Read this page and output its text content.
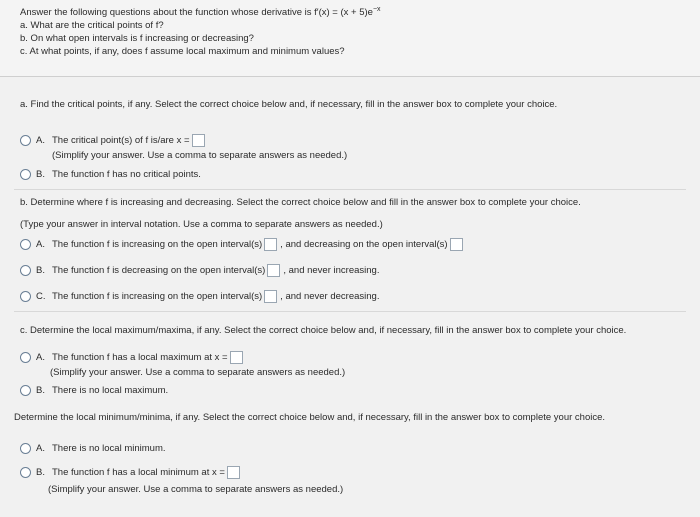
Answer the following questions about the function whose derivative is $f'(x) = (x + 5)e^{-x}$
a. What are the critical points of f?
b. On what open intervals is f increasing or decreasing?
c. At what points, if any, does f assume local maximum and minimum values?
a. Find the critical points, if any. Select the correct choice below and, if necessary, fill in the answer box to complete your choice.
A. The critical point(s) of f is/are x =
(Simplify your answer. Use a comma to separate answers as needed.)
B. The function f has no critical points.
b. Determine where f is increasing and decreasing. Select the correct choice below and fill in the answer box to complete your choice.
(Type your answer in interval notation. Use a comma to separate answers as needed.)
A. The function f is increasing on the open interval(s) , and decreasing on the open interval(s)
B. The function f is decreasing on the open interval(s) , and never increasing.
C. The function f is increasing on the open interval(s) , and never decreasing.
c. Determine the local maximum/maxima, if any. Select the correct choice below and, if necessary, fill in the answer box to complete your choice.
A. The function f has a local maximum at x =
(Simplify your answer. Use a comma to separate answers as needed.)
B. There is no local maximum.
Determine the local minimum/minima, if any. Select the correct choice below and, if necessary, fill in the answer box to complete your choice.
A. There is no local minimum.
B. The function f has a local minimum at x =
(Simplify your answer. Use a comma to separate answers as needed.)
